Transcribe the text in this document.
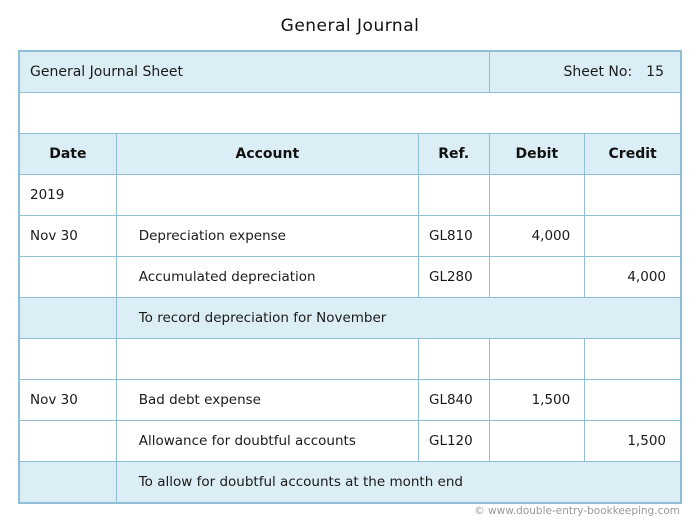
General Journal
General Journal Sheet			Sheet No: 15	

Date	Account	Ref.	Debit	Credit

2019				

Nov 30	Depreciation expense	GL810	4,000	

	Accumulated depreciation	GL280		4,000

	To record depreciation for November			

Nov 30	Bad debt expense	GL840	1,500	

	Allowance for doubtful accounts	GL120		1,500

	To allow for doubtful accounts at the month end			
© www.double-entry-bookkeeping.com
